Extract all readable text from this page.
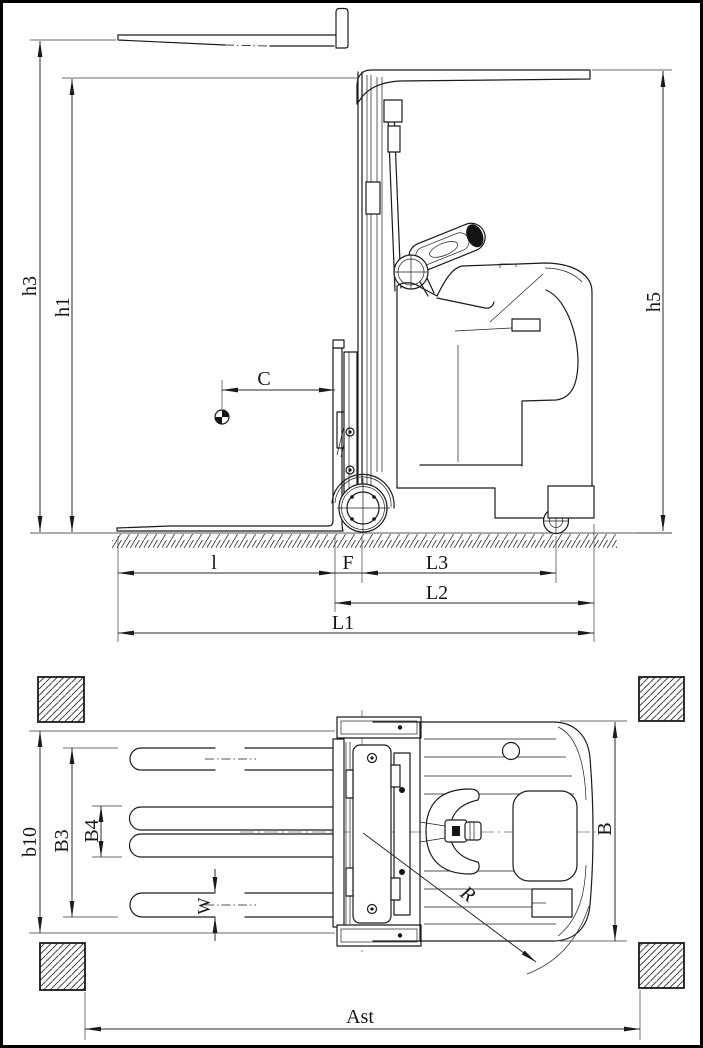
h3
h1	h5
C
l	F	L3
L2
L1
b10 B3 B4
W
B
R
Ast
